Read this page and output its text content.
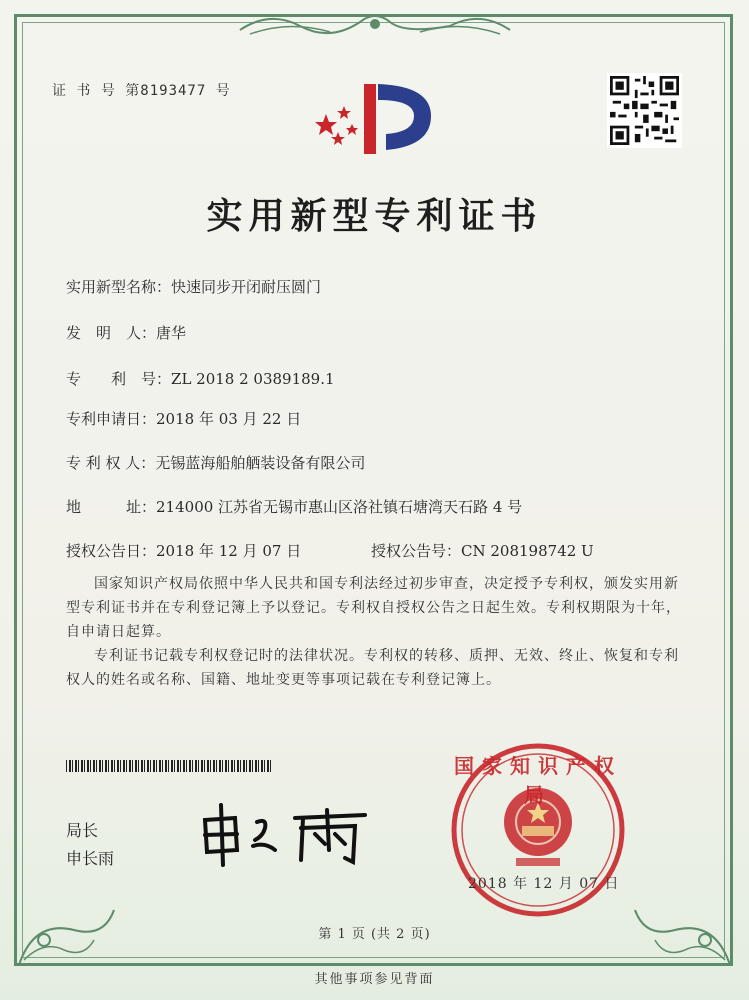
证 书 号 第8193477 号
实用新型专利证书
实用新型名称：快速同步开闭耐压圆门
发　明　人：唐华
专　　利　号：ZL 2018 2 0389189.1
专利申请日：2018 年 03 月 22 日
专 利 权 人：无锡蓝海船舶舾装设备有限公司
地　　　址：214000 江苏省无锡市惠山区洛社镇石塘湾天石路 4 号
授权公告日：2018 年 12 月 07 日	授权公告号：CN 208198742 U
国家知识产权局依照中华人民共和国专利法经过初步审查，决定授予专利权，颁发实用新型专利证书并在专利登记簿上予以登记。专利权自授权公告之日起生效。专利权期限为十年，自申请日起算。
专利证书记载专利权登记时的法律状况。专利权的转移、质押、无效、终止、恢复和专利权人的姓名或名称、国籍、地址变更等事项记载在专利登记簿上。
局长
申长雨
国家知识产权局
2018 年 12 月 07 日
第 1 页 (共 2 页)
其他事项参见背面
